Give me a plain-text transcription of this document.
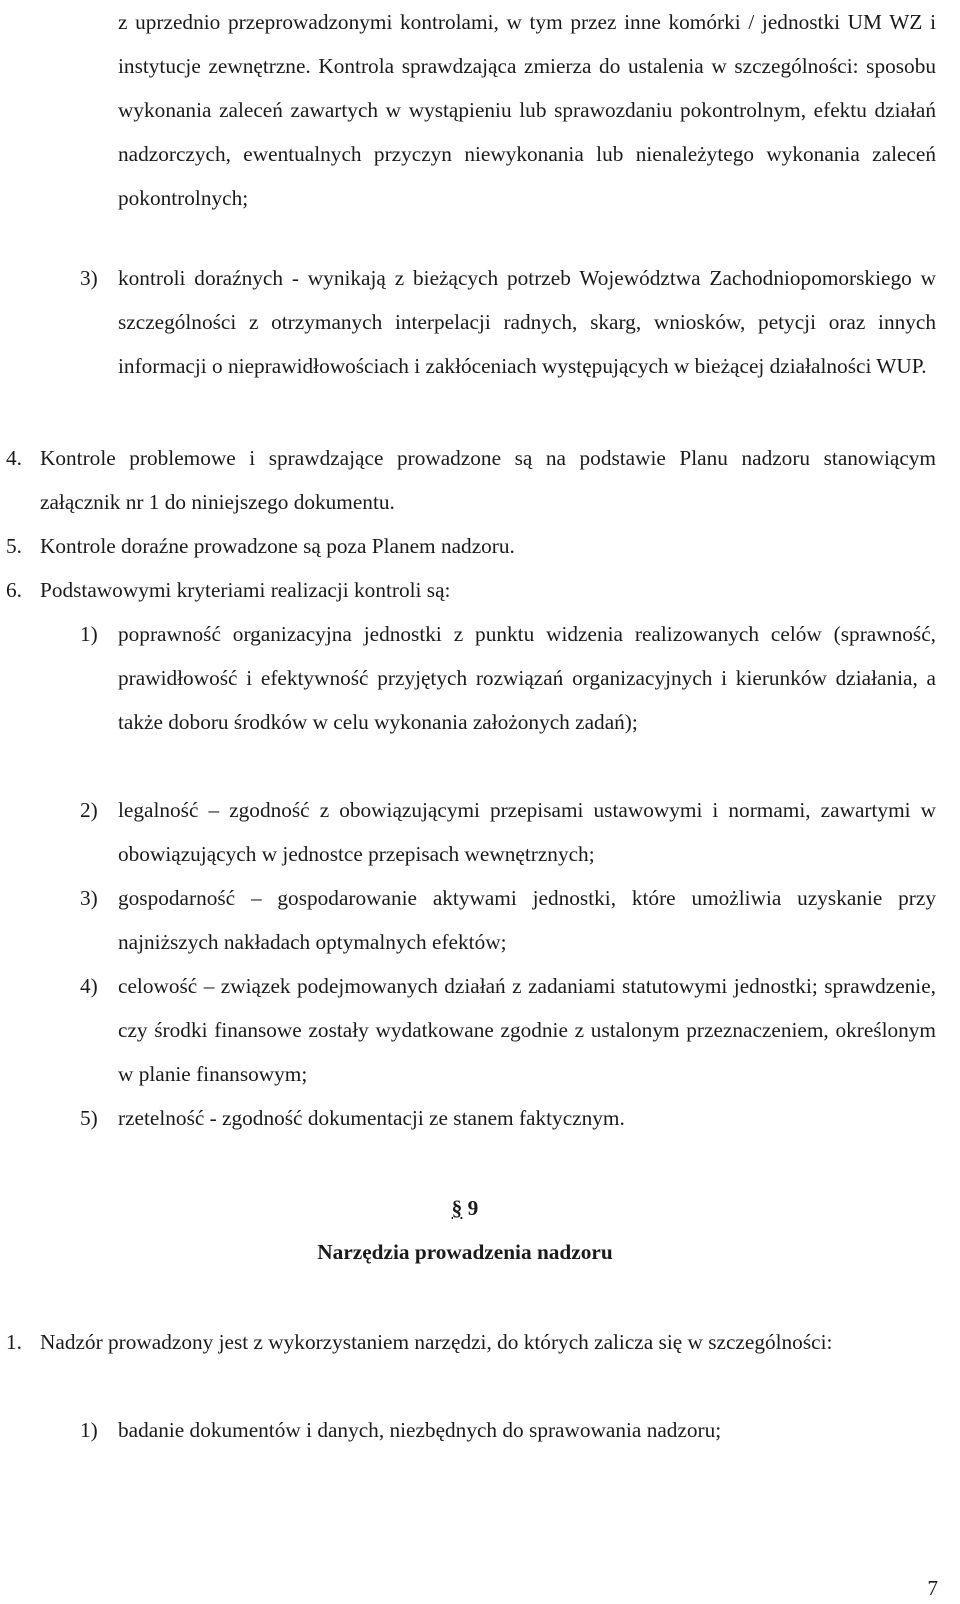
z uprzednio przeprowadzonymi kontrolami, w tym przez inne komórki / jednostki UM WZ i instytucje zewnętrzne. Kontrola sprawdzająca zmierza do ustalenia w szczególności: sposobu wykonania zaleceń zawartych w wystąpieniu lub sprawozdaniu pokontrolnym, efektu działań nadzorczych, ewentualnych przyczyn niewykonania lub nienależytego wykonania zaleceń pokontrolnych;

3) kontroli doraźnych - wynikają z bieżących potrzeb Województwa Zachodniopomorskiego w szczególności z otrzymanych interpelacji radnych, skarg, wniosków, petycji oraz innych informacji o nieprawidłowościach i zakłóceniach występujących w bieżącej działalności WUP.

4. Kontrole problemowe i sprawdzające prowadzone są na podstawie Planu nadzoru stanowiącym załącznik nr 1 do niniejszego dokumentu.

5. Kontrole doraźne prowadzone są poza Planem nadzoru.

6. Podstawowymi kryteriami realizacji kontroli są:

1) poprawność organizacyjna jednostki z punktu widzenia realizowanych celów (sprawność, prawidłowość i efektywność przyjętych rozwiązań organizacyjnych i kierunków działania, a także doboru środków w celu wykonania założonych zadań);

2) legalność – zgodność z obowiązującymi przepisami ustawowymi i normami, zawartymi w obowiązujących w jednostce przepisach wewnętrznych;

3) gospodarność – gospodarowanie aktywami jednostki, które umożliwia uzyskanie przy najniższych nakładach optymalnych efektów;

4) celowość – związek podejmowanych działań z zadaniami statutowymi jednostki; sprawdzenie, czy środki finansowe zostały wydatkowane zgodnie z ustalonym przeznaczeniem, określonym w planie finansowym;

5) rzetelność - zgodność dokumentacji ze stanem faktycznym.

§ 9
Narzędzia prowadzenia nadzoru
1. Nadzór prowadzony jest z wykorzystaniem narzędzi, do których zalicza się w szczególności:

1) badanie dokumentów i danych, niezbędnych do sprawowania nadzoru;

7
